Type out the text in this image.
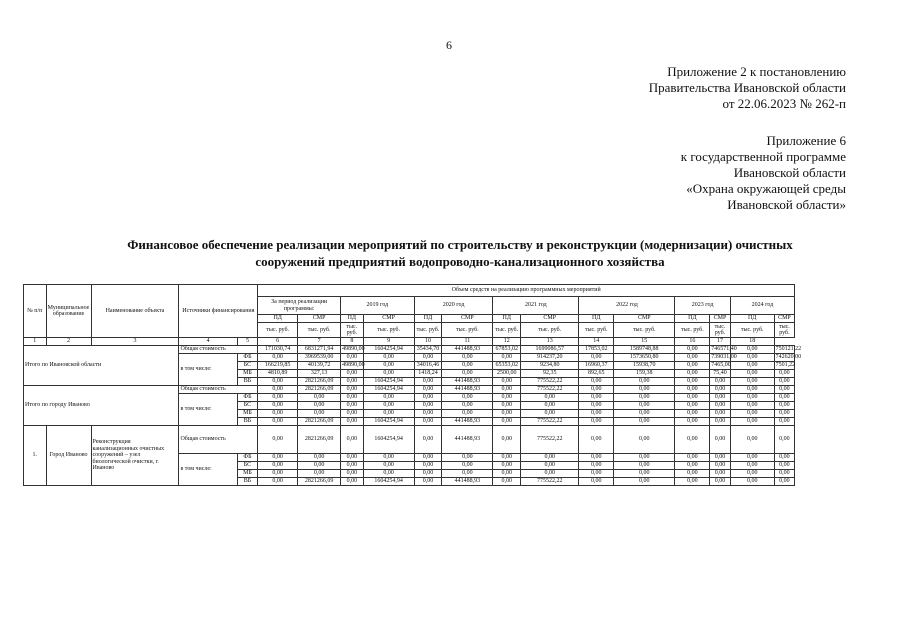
6
Приложение 2 к постановлению
Правительства Ивановской области
от 22.06.2023 № 262-п
Приложение 6
к государственной программе
Ивановской области
«Охрана окружающей среды
Ивановской области»
Финансовое обеспечение реализации мероприятий по строительству и реконструкции (модернизации) очистных
сооружений предприятий водопроводно-канализационного хозяйства
№ п/п	Муниципальное образование	Наименование объекта	Источники финансирования		Объем средств на реализацию программных мероприятий													
					За период реализации программы:		2019 год		2020 год		2021 год		2022 год		2023 год		2024 год	
					ПД	СМР	ПД	СМР	ПД	СМР	ПД	СМР	ПД	СМР	ПД	СМР	ПД	СМР
					тыс. руб.	тыс. руб.	тыс. руб.	тыс. руб.	тыс. руб.	тыс. руб.	тыс. руб.	тыс. руб.	тыс. руб.	тыс. руб.	тыс. руб.	тыс. руб.	тыс. руб.	тыс. руб.
1	2	3	4	5	6	7	8	9	10	11	12	13	14	15	16	17	18	
Итого по Ивановской области			Общая стоимость		171030,74	6831271,94	49890,00	1604254,94	35434,70	441488,93	67853,02	1699086,57	17853,02	1589748,88	0,00	746571,40	0,00	750121,22
			в том числе:	ФБ	0,00	3969539,00	0,00	0,00	0,00	0,00	0,00	914237,20	0,00	1573650,80	0,00	739031,00	0,00	742620,00
				БС	166219,85	40139,72	49890,00	0,00	34016,46	0,00	65353,02	9234,80	16960,37	15938,70	0,00	7465,00	0,00	7501,22
				МБ	4810,89	327,13	0,00	0,00	1418,24	0,00	2500,00	92,35	892,65	159,38	0,00	75,40	0,00	0,00
				ВБ	0,00	2821266,09	0,00	1604254,94	0,00	441488,93	0,00	775522,22	0,00	0,00	0,00	0,00	0,00	0,00
Итого по городу Иваново			Общая стоимость		0,00	2821266,09	0,00	1604254,94	0,00	441488,93	0,00	775522,22	0,00	0,00	0,00	0,00	0,00	0,00
			в том числе:	ФБ	0,00	0,00	0,00	0,00	0,00	0,00	0,00	0,00	0,00	0,00	0,00	0,00	0,00	0,00
				БС	0,00	0,00	0,00	0,00	0,00	0,00	0,00	0,00	0,00	0,00	0,00	0,00	0,00	0,00
				МБ	0,00	0,00	0,00	0,00	0,00	0,00	0,00	0,00	0,00	0,00	0,00	0,00	0,00	0,00
				ВБ	0,00	2821266,09	0,00	1604254,94	0,00	441488,93	0,00	775522,22	0,00	0,00	0,00	0,00	0,00	0,00
1.	Город Иваново	Реконструкция канализационных очистных сооружений – узел биологической очистки, г. Иваново	Общая стоимость		0,00	2821266,09	0,00	1604254,94	0,00	441488,93	0,00	775522,22	0,00	0,00	0,00	0,00	0,00	0,00
			в том числе:	ФБ	0,00	0,00	0,00	0,00	0,00	0,00	0,00	0,00	0,00	0,00	0,00	0,00	0,00	0,00
				БС	0,00	0,00	0,00	0,00	0,00	0,00	0,00	0,00	0,00	0,00	0,00	0,00	0,00	0,00
				МБ	0,00	0,00	0,00	0,00	0,00	0,00	0,00	0,00	0,00	0,00	0,00	0,00	0,00	0,00
				ВБ	0,00	2821266,09	0,00	1604254,94	0,00	441488,93	0,00	775522,22	0,00	0,00	0,00	0,00	0,00	0,00
